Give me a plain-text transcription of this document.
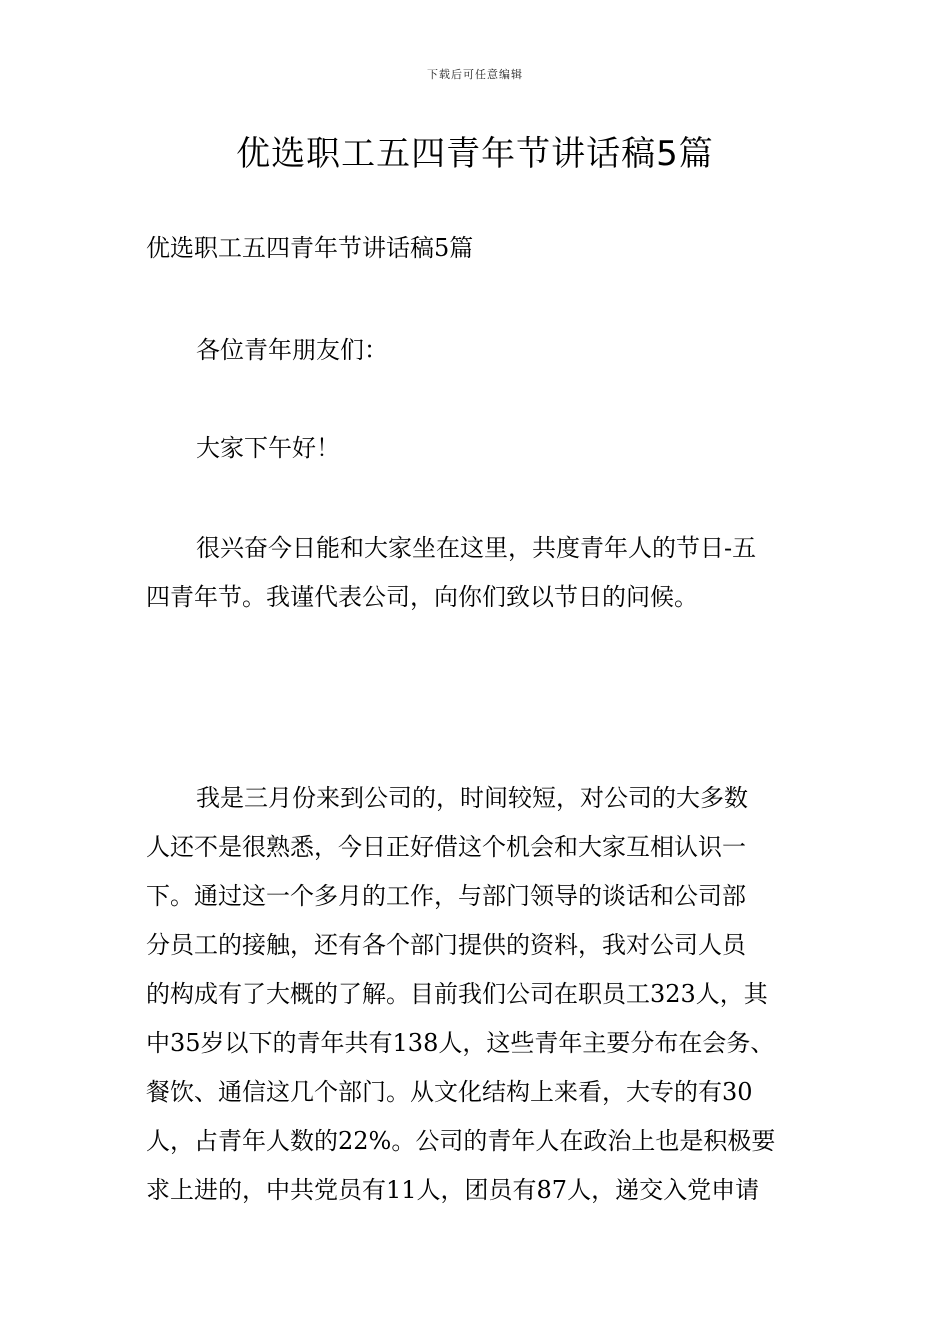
下载后可任意编辑
优选职工五四青年节讲话稿5篇

优选职工五四青年节讲话稿5篇

各位青年朋友们：

大家下午好！

很兴奋今日能和大家坐在这里，共度青年人的节日-五
四青年节。我谨代表公司，向你们致以节日的问候。
我是三月份来到公司的，时间较短，对公司的大多数
人还不是很熟悉，今日正好借这个机会和大家互相认识一
下。通过这一个多月的工作，与部门领导的谈话和公司部
分员工的接触，还有各个部门提供的资料，我对公司人员
的构成有了大概的了解。目前我们公司在职员工323人，其
中35岁以下的青年共有138人，这些青年主要分布在会务、
餐饮、通信这几个部门。从文化结构上来看，大专的有30
人，占青年人数的22%。公司的青年人在政治上也是积极要
求上进的，中共党员有11人，团员有87人，递交入党申请
